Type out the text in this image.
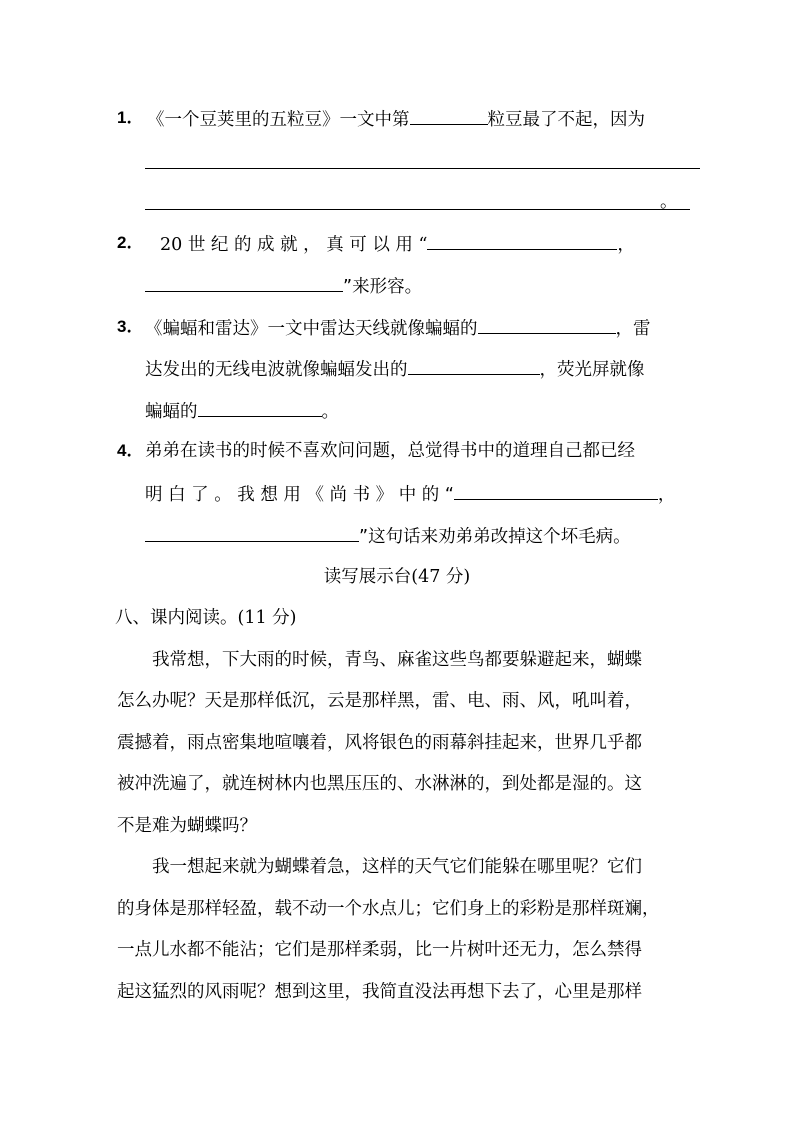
1． 《一个豆荚里的五粒豆》一文中第	粒豆最了不起，因为
。
2． 20 世 纪 的 成 就 ， 真 可 以 用 “	，
”来形容。
3． 《蝙蝠和雷达》一文中雷达天线就像蝙蝠的	，雷
达发出的无线电波就像蝙蝠发出的	，荧光屏就像
蝙蝠的	。
4． 弟弟在读书的时候不喜欢问问题，总觉得书中的道理自己都已经
明 白 了 。 我 想 用 《 尚 书 》 中 的 “	，
”这句话来劝弟弟改掉这个坏毛病。
读写展示台(47 分)
八、课内阅读。(11 分)
我常想，下大雨的时候，青鸟、麻雀这些鸟都要躲避起来，蝴蝶
怎么办呢？天是那样低沉，云是那样黑，雷、电、雨、风，吼叫着，
震撼着，雨点密集地喧嚷着，风将银色的雨幕斜挂起来，世界几乎都
被冲洗遍了，就连树林内也黑压压的、水淋淋的，到处都是湿的。这
不是难为蝴蝶吗？
我一想起来就为蝴蝶着急，这样的天气它们能躲在哪里呢？它们
的身体是那样轻盈，载不动一个水点儿；它们身上的彩粉是那样斑斓，
一点儿水都不能沾；它们是那样柔弱，比一片树叶还无力，怎么禁得
起这猛烈的风雨呢？想到这里，我简直没法再想下去了，心里是那样
